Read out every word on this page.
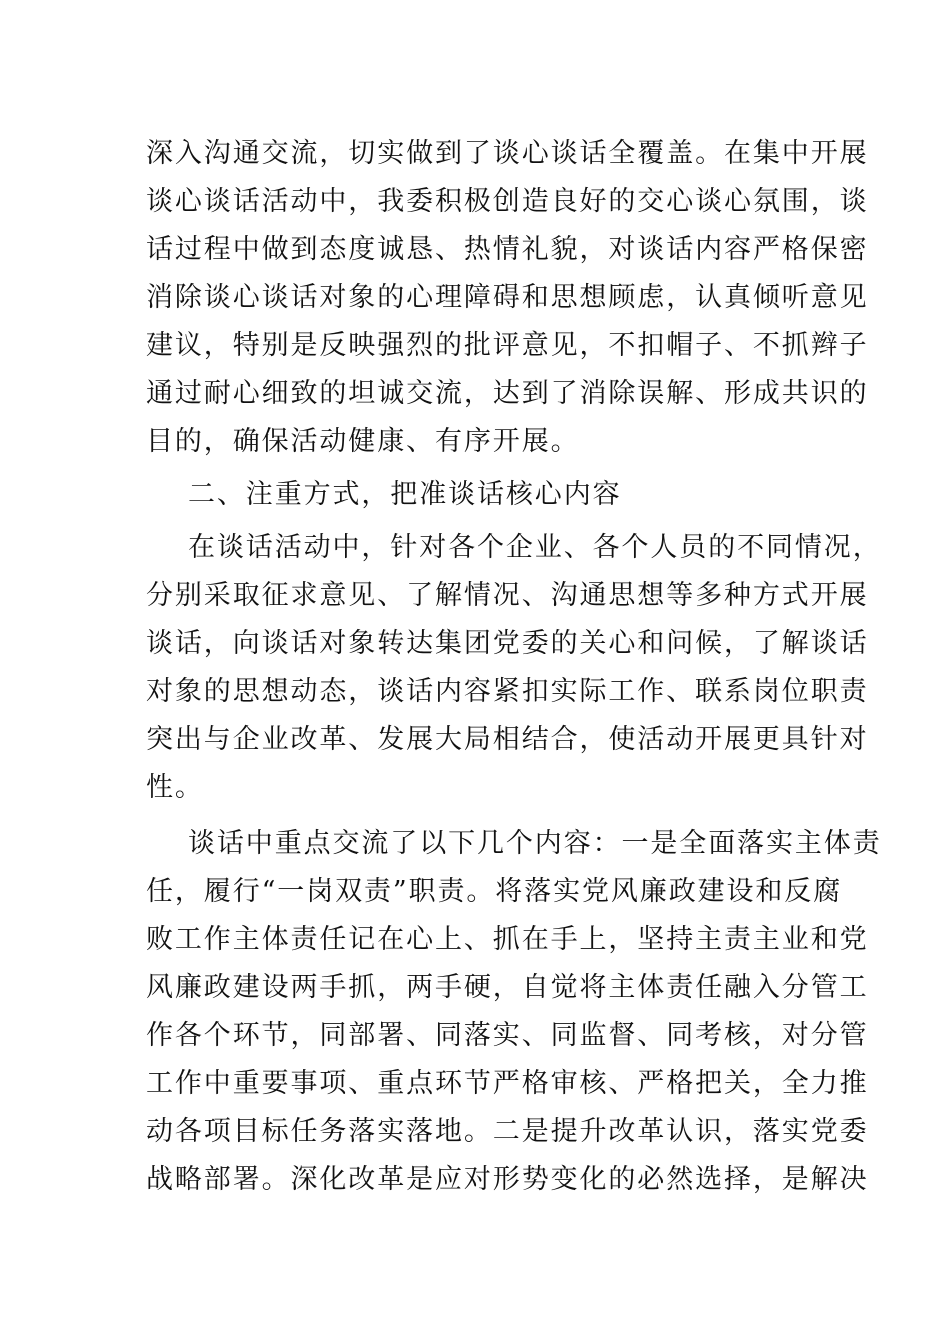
深入沟通交流，切实做到了谈心谈话全覆盖。在集中开展
谈心谈话活动中，我委积极创造良好的交心谈心氛围，谈
话过程中做到态度诚恳、热情礼貌，对谈话内容严格保密
消除谈心谈话对象的心理障碍和思想顾虑，认真倾听意见
建议，特别是反映强烈的批评意见，不扣帽子、不抓辫子
通过耐心细致的坦诚交流，达到了消除误解、形成共识的
目的，确保活动健康、有序开展。
二、注重方式，把准谈话核心内容
在谈话活动中，针对各个企业、各个人员的不同情况，
分别采取征求意见、了解情况、沟通思想等多种方式开展
谈话，向谈话对象转达集团党委的关心和问候，了解谈话
对象的思想动态，谈话内容紧扣实际工作、联系岗位职责
突出与企业改革、发展大局相结合，使活动开展更具针对
性。
谈话中重点交流了以下几个内容：一是全面落实主体责
任，履行“一岗双责”职责。将落实党风廉政建设和反腐
败工作主体责任记在心上、抓在手上，坚持主责主业和党
风廉政建设两手抓，两手硬，自觉将主体责任融入分管工
作各个环节，同部署、同落实、同监督、同考核，对分管
工作中重要事项、重点环节严格审核、严格把关，全力推
动各项目标任务落实落地。二是提升改革认识，落实党委
战略部署。深化改革是应对形势变化的必然选择，是解决
